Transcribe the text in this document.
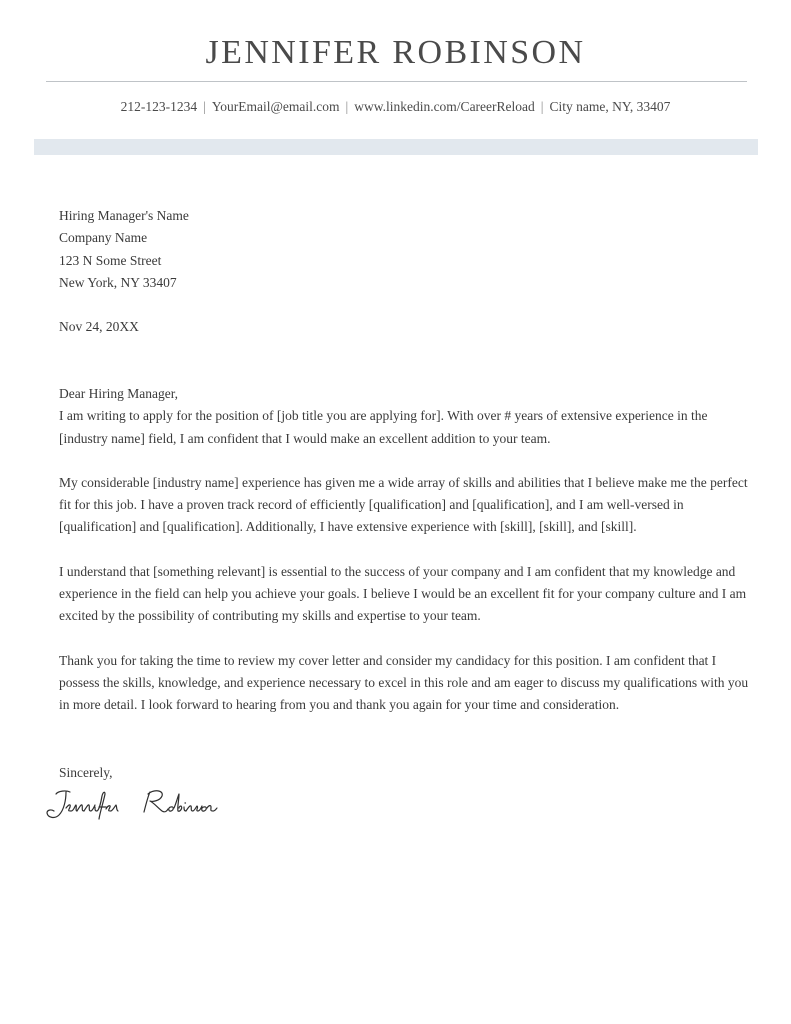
JENNIFER ROBINSON
212-123-1234 | YourEmail@email.com | www.linkedin.com/CareerReload | City name, NY, 33407
Hiring Manager's Name
Company Name
123 N Some Street
New York, NY 33407
Nov 24, 20XX

Dear Hiring Manager,

I am writing to apply for the position of [job title you are applying for]. With over # years of extensive experience in the [industry name] field, I am confident that I would make an excellent addition to your team.

My considerable [industry name] experience has given me a wide array of skills and abilities that I believe make me the perfect fit for this job. I have a proven track record of efficiently [qualification] and [qualification], and I am well-versed in [qualification] and [qualification]. Additionally, I have extensive experience with [skill], [skill], and [skill].

I understand that [something relevant] is essential to the success of your company and I am confident that my knowledge and experience in the field can help you achieve your goals. I believe I would be an excellent fit for your company culture and I am excited by the possibility of contributing my skills and expertise to your team.

Thank you for taking the time to review my cover letter and consider my candidacy for this position. I am confident that I possess the skills, knowledge, and experience necessary to excel in this role and am eager to discuss my qualifications with you in more detail. I look forward to hearing from you and thank you again for your time and consideration.

Sincerely,
